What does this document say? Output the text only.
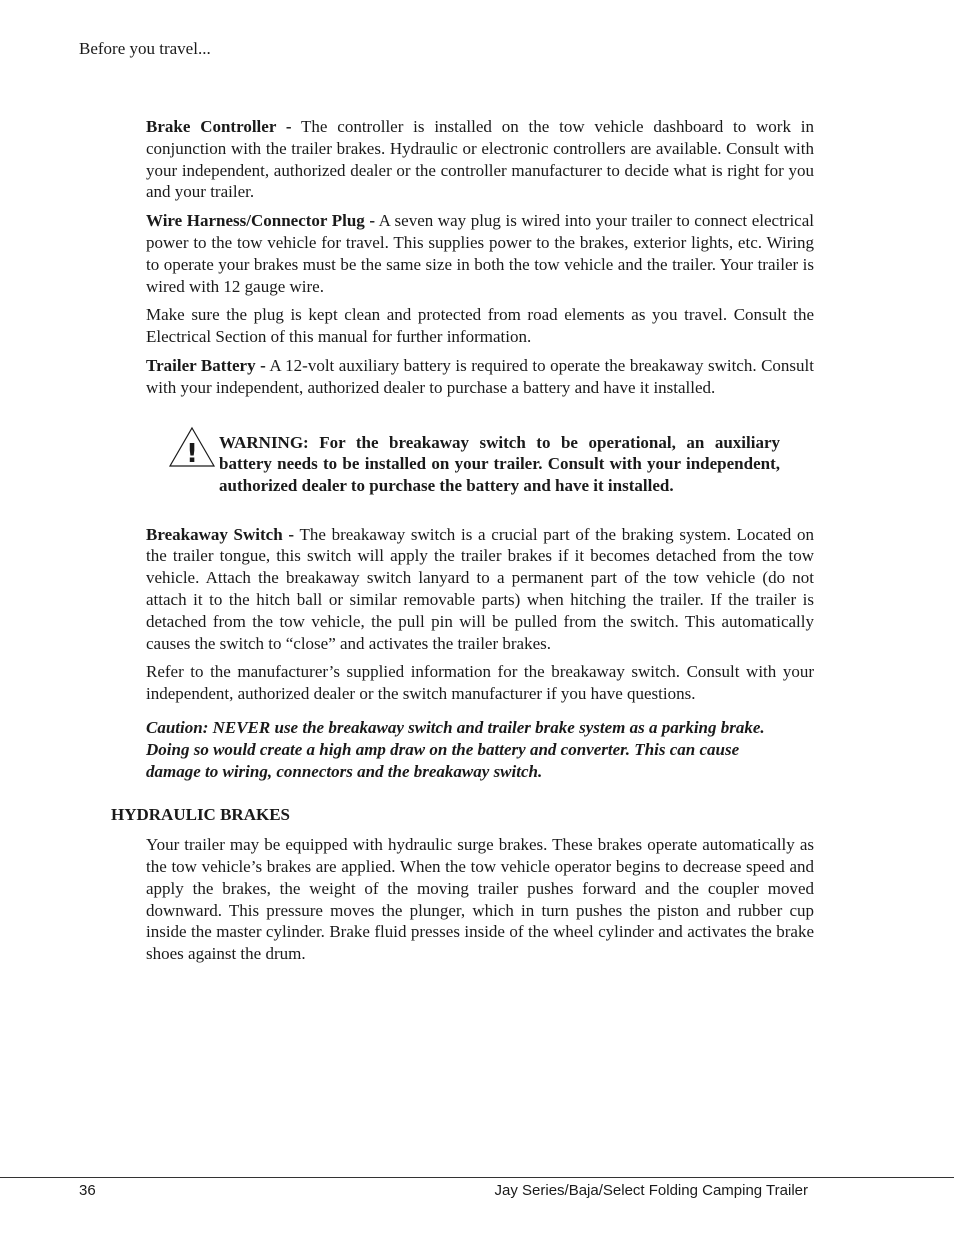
Before you travel...

Brake Controller - The controller is installed on the tow vehicle dashboard to work in conjunction with the trailer brakes. Hydraulic or electronic controllers are available. Consult with your independent, authorized dealer or the controller manufacturer to decide what is right for you and your trailer.

Wire Harness/Connector Plug - A seven way plug is wired into your trailer to connect electrical power to the tow vehicle for travel. This supplies power to the brakes, exterior lights, etc. Wiring to operate your brakes must be the same size in both the tow vehicle and the trailer. Your trailer is wired with 12 gauge wire.

Make sure the plug is kept clean and protected from road elements as you travel. Consult the Electrical Section of this manual for further information.

Trailer Battery - A 12-volt auxiliary battery is required to operate the breakaway switch. Consult with your independent, authorized dealer to purchase a battery and have it installed.

! WARNING: For the breakaway switch to be operational, an auxiliary battery needs to be installed on your trailer. Consult with your independent, authorized dealer to purchase the battery and have it installed.

Breakaway Switch - The breakaway switch is a crucial part of the braking system. Located on the trailer tongue, this switch will apply the trailer brakes if it becomes detached from the tow vehicle. Attach the breakaway switch lanyard to a permanent part of the tow vehicle (do not attach it to the hitch ball or similar removable parts) when hitching the trailer. If the trailer is detached from the tow vehicle, the pull pin will be pulled from the switch. This automatically causes the switch to “close” and activates the trailer brakes.

Refer to the manufacturer’s supplied information for the breakaway switch. Consult with your independent, authorized dealer or the switch manufacturer if you have questions.

Caution: NEVER use the breakaway switch and trailer brake system as a parking brake. Doing so would create a high amp draw on the battery and converter. This can cause damage to wiring, connectors and the breakaway switch.

HYDRAULIC BRAKES

Your trailer may be equipped with hydraulic surge brakes. These brakes operate automatically as the tow vehicle’s brakes are applied. When the tow vehicle operator begins to decrease speed and apply the brakes, the weight of the moving trailer pushes forward and the coupler moved downward. This pressure moves the plunger, which in turn pushes the piston and rubber cup inside the master cylinder. Brake fluid presses inside of the wheel cylinder and activates the brake shoes against the drum.

36	Jay Series/Baja/Select Folding Camping Trailer
